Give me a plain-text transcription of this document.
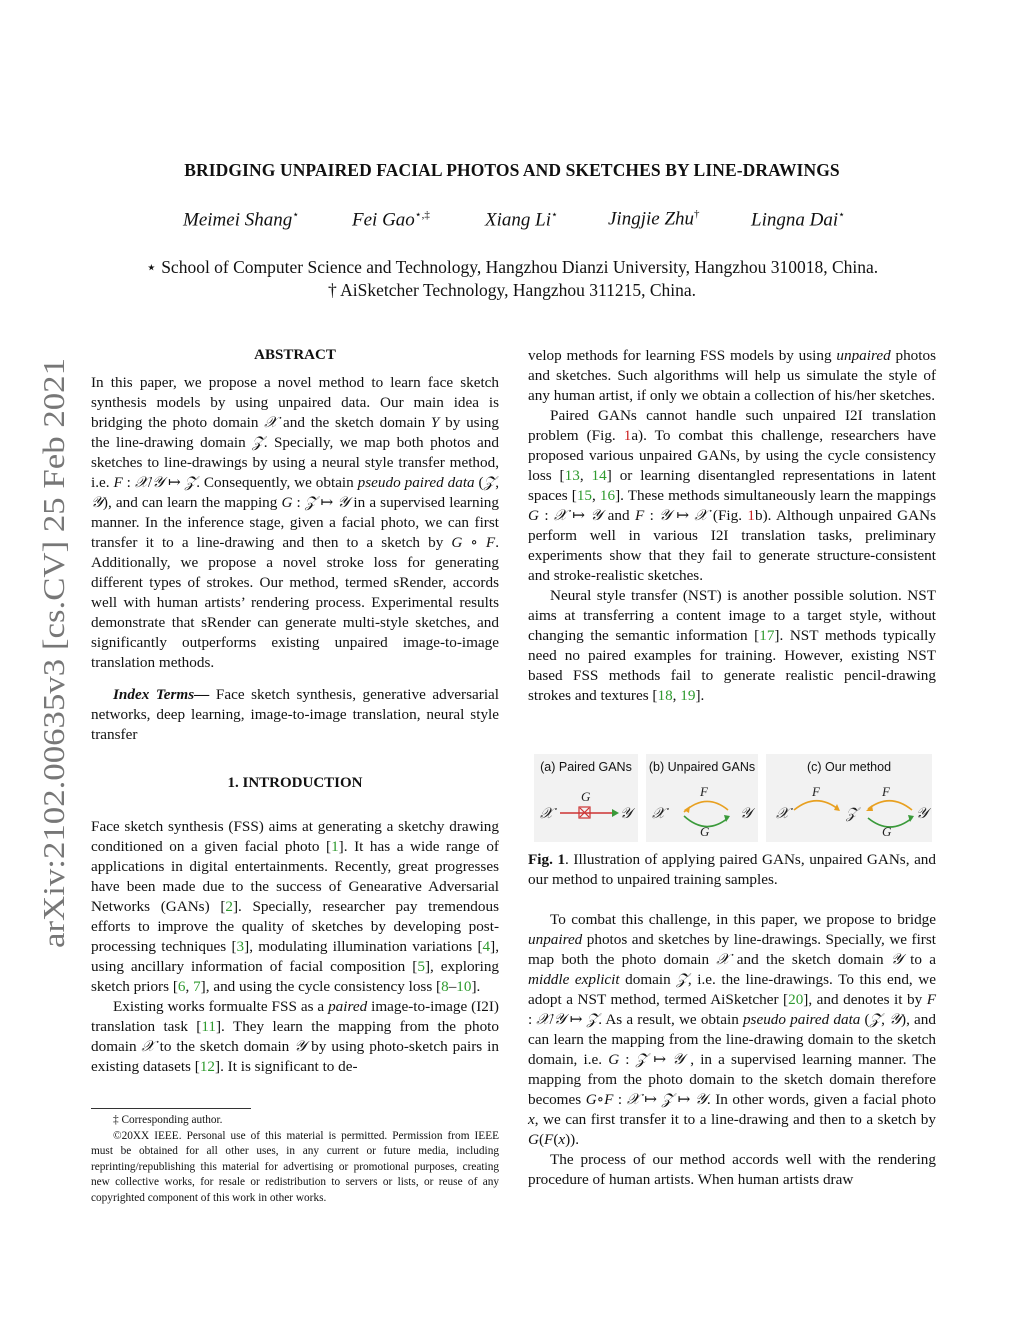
arXiv:2102.00635v3 [cs.CV] 25 Feb 2021
BRIDGING UNPAIRED FACIAL PHOTOS AND SKETCHES BY LINE-DRAWINGS
Meimei Shang⋆	Fei Gao⋆,‡	Xiang Li⋆	Jingjie Zhu†	Lingna Dai⋆
⋆ School of Computer Science and Technology, Hangzhou Dianzi University, Hangzhou 310018, China.
† AiSketcher Technology, Hangzhou 311215, China.
ABSTRACT

In this paper, we propose a novel method to learn face sketch synthesis models by using unpaired data. Our main idea is bridging the photo domain 𝒳 and the sketch domain Y by using the line-drawing domain 𝒵. Specially, we map both photos and sketches to line-drawings by using a neural style transfer method, i.e. F : 𝒳/𝒴 ↦ 𝒵. Consequently, we obtain pseudo paired data (𝒵, 𝒴), and can learn the mapping G : 𝒵 ↦ 𝒴 in a supervised learning manner. In the inference stage, given a facial photo, we can first transfer it to a line-drawing and then to a sketch by G ∘ F. Additionally, we propose a novel stroke loss for generating different types of strokes. Our method, termed sRender, accords well with human artists’ rendering process. Experimental results demonstrate that sRender can generate multi-style sketches, and significantly outperforms existing unpaired image-to-image translation methods.

Index Terms— Face sketch synthesis, generative adversarial networks, deep learning, image-to-image translation, neural style transfer

1. INTRODUCTION

Face sketch synthesis (FSS) aims at generating a sketchy drawing conditioned on a given facial photo [1]. It has a wide range of applications in digital entertainments. Recently, great progresses have been made due to the success of Genearative Adversarial Networks (GANs) [2]. Specially, researcher pay tremendous efforts to improve the quality of sketches by developing post-processing techniques [3], modulating illumination variations [4], using ancillary information of facial composition [5], exploring sketch priors [6, 7], and using the cycle consistency loss [8–10].

Existing works formualte FSS as a paired image-to-image (I2I) translation task [11]. They learn the mapping from the photo domain 𝒳 to the sketch domain 𝒴 by using photo-sketch pairs in existing datasets [12]. It is significant to de-

‡ Corresponding author.

©20XX IEEE. Personal use of this material is permitted. Permission from IEEE must be obtained for all other uses, in any current or future media, including reprinting/republishing this material for advertising or promotional purposes, creating new collective works, for resale or redistribution to servers or lists, or reuse of any copyrighted component of this work in other works.

velop methods for learning FSS models by using unpaired photos and sketches. Such algorithms will help us simulate the style of any human artist, if only we obtain a collection of his/her sketches.

Paired GANs cannot handle such unpaired I2I translation problem (Fig. 1a). To combat this challenge, researchers have proposed various unpaired GANs, by using the cycle consistency loss [13, 14] or learning disentangled representations in latent spaces [15, 16]. These methods simultaneously learn the mappings G : 𝒳 ↦ 𝒴 and F : 𝒴 ↦ 𝒳 (Fig. 1b). Although unpaired GANs perform well in various I2I translation tasks, preliminary experiments show that they fail to generate structure-consistent and stroke-realistic sketches.

Neural style transfer (NST) is another possible solution. NST aims at transferring a content image to a target style, without changing the semantic information [17]. NST methods typically need no paired examples for training. However, existing NST based FSS methods fail to generate realistic pencil-drawing strokes and textures [18, 19].

(a) Paired GANs
𝒳
G
𝒴
(b) Unpaired GANs
𝒳
F
G
𝒴
(c) Our method
𝒳
F
𝒵
F
G
𝒴
Fig. 1. Illustration of applying paired GANs, unpaired GANs, and our method to unpaired training samples.

To combat this challenge, in this paper, we propose to bridge unpaired photos and sketches by line-drawings. Specially, we first map both the photo domain 𝒳 and the sketch domain 𝒴 to a middle explicit domain 𝒵, i.e. the line-drawings. To this end, we adopt a NST method, termed AiSketcher [20], and denotes it by F : 𝒳/𝒴 ↦ 𝒵. As a result, we obtain pseudo paired data (𝒵, 𝒴), and can learn the mapping from the line-drawing domain to the sketch domain, i.e. G : 𝒵 ↦ 𝒴 , in a supervised learning manner. The mapping from the photo domain to the sketch domain therefore becomes G∘F : 𝒳 ↦ 𝒵 ↦ 𝒴. In other words, given a facial photo x, we can first transfer it to a line-drawing and then to a sketch by G(F(x)).

The process of our method accords well with the rendering procedure of human artists. When human artists draw
